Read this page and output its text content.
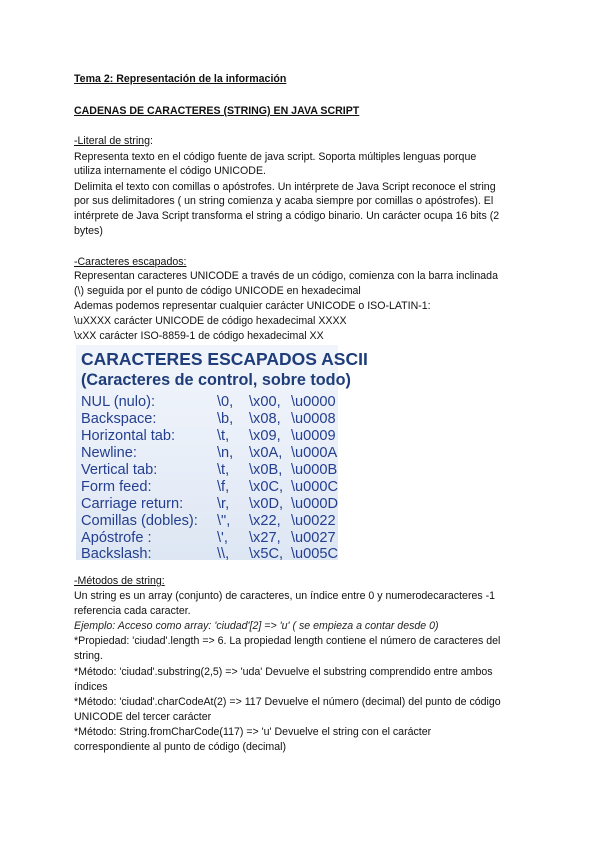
Tema 2: Representación de la información
CADENAS DE CARACTERES (STRING) EN JAVA SCRIPT
-Literal de string:
Representa texto en el código fuente de java script. Soporta múltiples lenguas porque
utiliza internamente el código UNICODE.
Delimita el texto con comillas o apóstrofes. Un intérprete de Java Script reconoce el string
por sus delimitadores ( un string comienza y acaba siempre por comillas o apóstrofes). El
intérprete de Java Script transforma el string a código binario. Un carácter ocupa 16 bits (2
bytes)
-Caracteres escapados:
Representan caracteres UNICODE a través de un código, comienza con la barra inclinada
(\) seguida por el punto de código UNICODE en hexadecimal
Ademas podemos representar cualquier carácter UNICODE o ISO-LATIN-1:
\uXXXX carácter UNICODE de código hexadecimal XXXX
\xXX carácter ISO-8859-1 de código hexadecimal XX
CARACTERES ESCAPADOS ASCII
(Caracteres de control, sobre todo)
NUL (nulo):	\0, \x00, \u0000
Backspace:	\b, \x08, \u0008
Horizontal tab:	\t, \x09, \u0009
Newline:	\n, \x0A, \u000A
Vertical tab:	\t, \x0B, \u000B
Form feed:	\f, \x0C, \u000C
Carriage return: \r, \x0D, \u000D
Comillas (dobles): \", \x22, \u0022
Apóstrofe :	\', \x27, \u0027
Backslash:	\\, \x5C, \u005C
-Métodos de string:
Un string es un array (conjunto) de caracteres, un índice entre 0 y numerodecaracteres -1
referencia cada caracter.
Ejemplo: Acceso como array: 'ciudad'[2] => 'u' ( se empieza a contar desde 0)
*Propiedad: 'ciudad'.length => 6. La propiedad length contiene el número de caracteres del
string.
*Método: 'ciudad'.substring(2,5) => 'uda' Devuelve el substring comprendido entre ambos
índices
*Método: 'ciudad'.charCodeAt(2) => 117 Devuelve el número (decimal) del punto de código
UNICODE del tercer carácter
*Método: String.fromCharCode(117) => 'u' Devuelve el string con el carácter
correspondiente al punto de código (decimal)
